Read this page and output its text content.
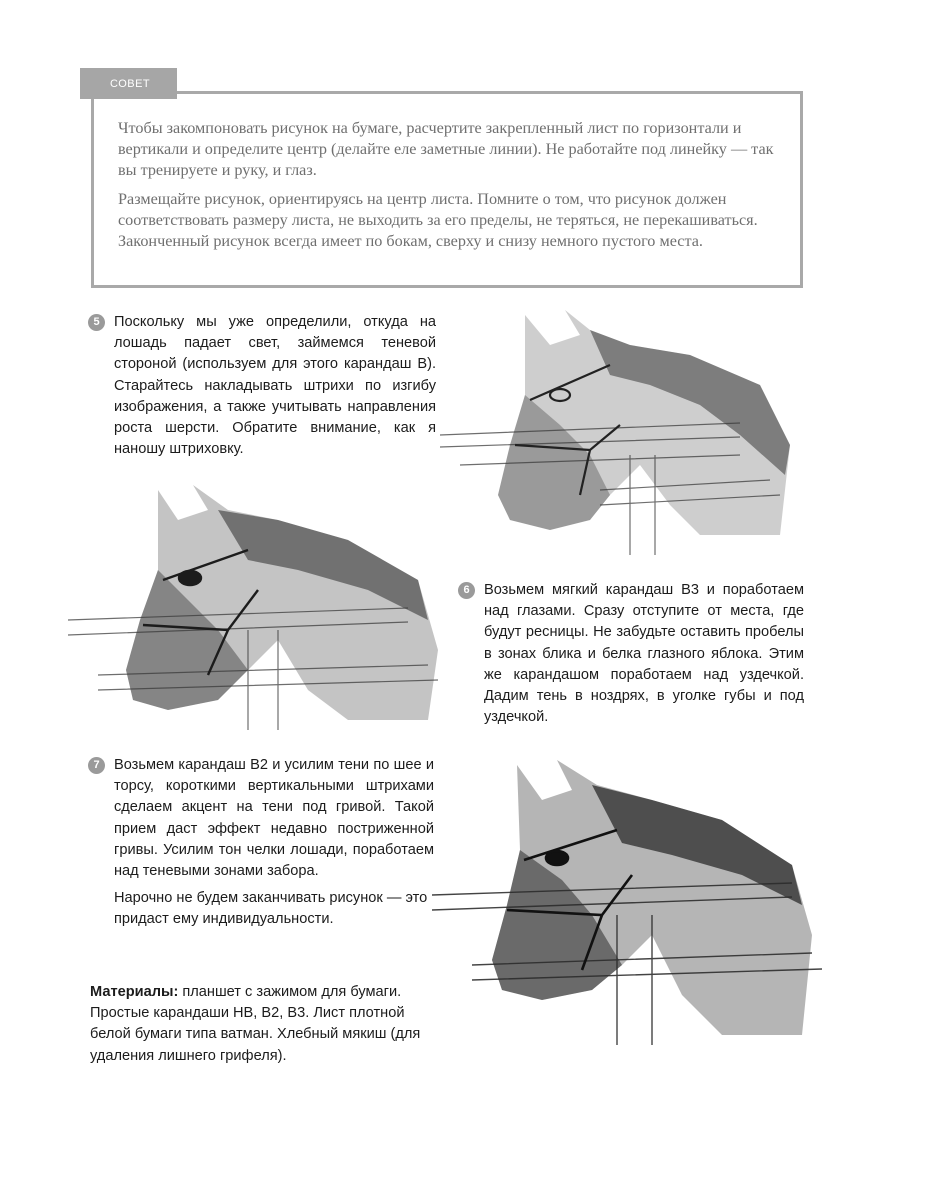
Чтобы закомпоновать рисунок на бумаге, расчертите закрепленный лист по горизонтали и вертикали и определите центр (делайте еле заметные линии). Не работайте под линейку — так вы тренируете и руку, и глаз.

Размещайте рисунок, ориентируясь на центр листа. Помните о том, что рисунок должен соответствовать размеру листа, не выходить за его пределы, не теряться, не перекашиваться. Законченный рисунок всегда имеет по бокам, сверху и снизу немного пустого места.

СОВЕТ
5 Поскольку мы уже определили, откуда на лошадь падает свет, займемся теневой стороной (используем для этого карандаш В). Старайтесь накладывать штрихи по изгибу изображения, а также учитывать направления роста шерсти. Обратите внимание, как я наношу штриховку.

6 Возьмем мягкий карандаш В3 и поработаем над глазами. Сразу отступите от места, где будут ресницы. Не забудьте оставить пробелы в зонах блика и белка глазного яблока. Этим же карандашом поработаем над уздечкой. Дадим тень в ноздрях, в уголке губы и под уздечкой.

7 Возьмем карандаш В2 и усилим тени по шее и торсу, короткими вертикальными штрихами сделаем акцент на тени под гривой. Такой прием даст эффект недавно постриженной гривы. Усилим тон челки лошади, поработаем над теневыми зонами забора.

Нарочно не будем заканчивать рисунок — это придаст ему индивидуальности.

Материалы: планшет с зажимом для бумаги. Простые карандаши НВ, В2, В3. Лист плотной белой бумаги типа ватман. Хлебный мякиш (для удаления лишнего грифеля).
